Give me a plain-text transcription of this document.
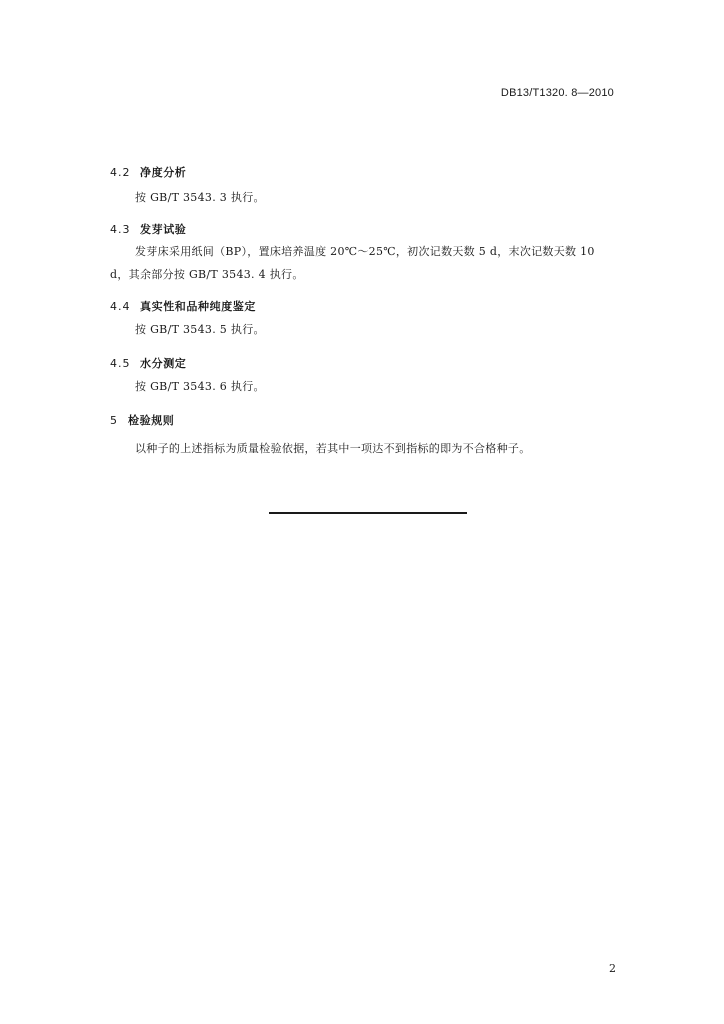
DB13/T1320. 8—2010
4.2 净度分析
按 GB/T 3543. 3 执行。
4.3 发芽试验
发芽床采用纸间（BP），置床培养温度 20℃～25℃，初次记数天数 5 d，末次记数天数 10 d，其余部分按 GB/T 3543. 4 执行。
4.4 真实性和品种纯度鉴定
按 GB/T 3543. 5 执行。
4.5 水分测定
按 GB/T 3543. 6 执行。
5 检验规则
以种子的上述指标为质量检验依据，若其中一项达不到指标的即为不合格种子。
2
